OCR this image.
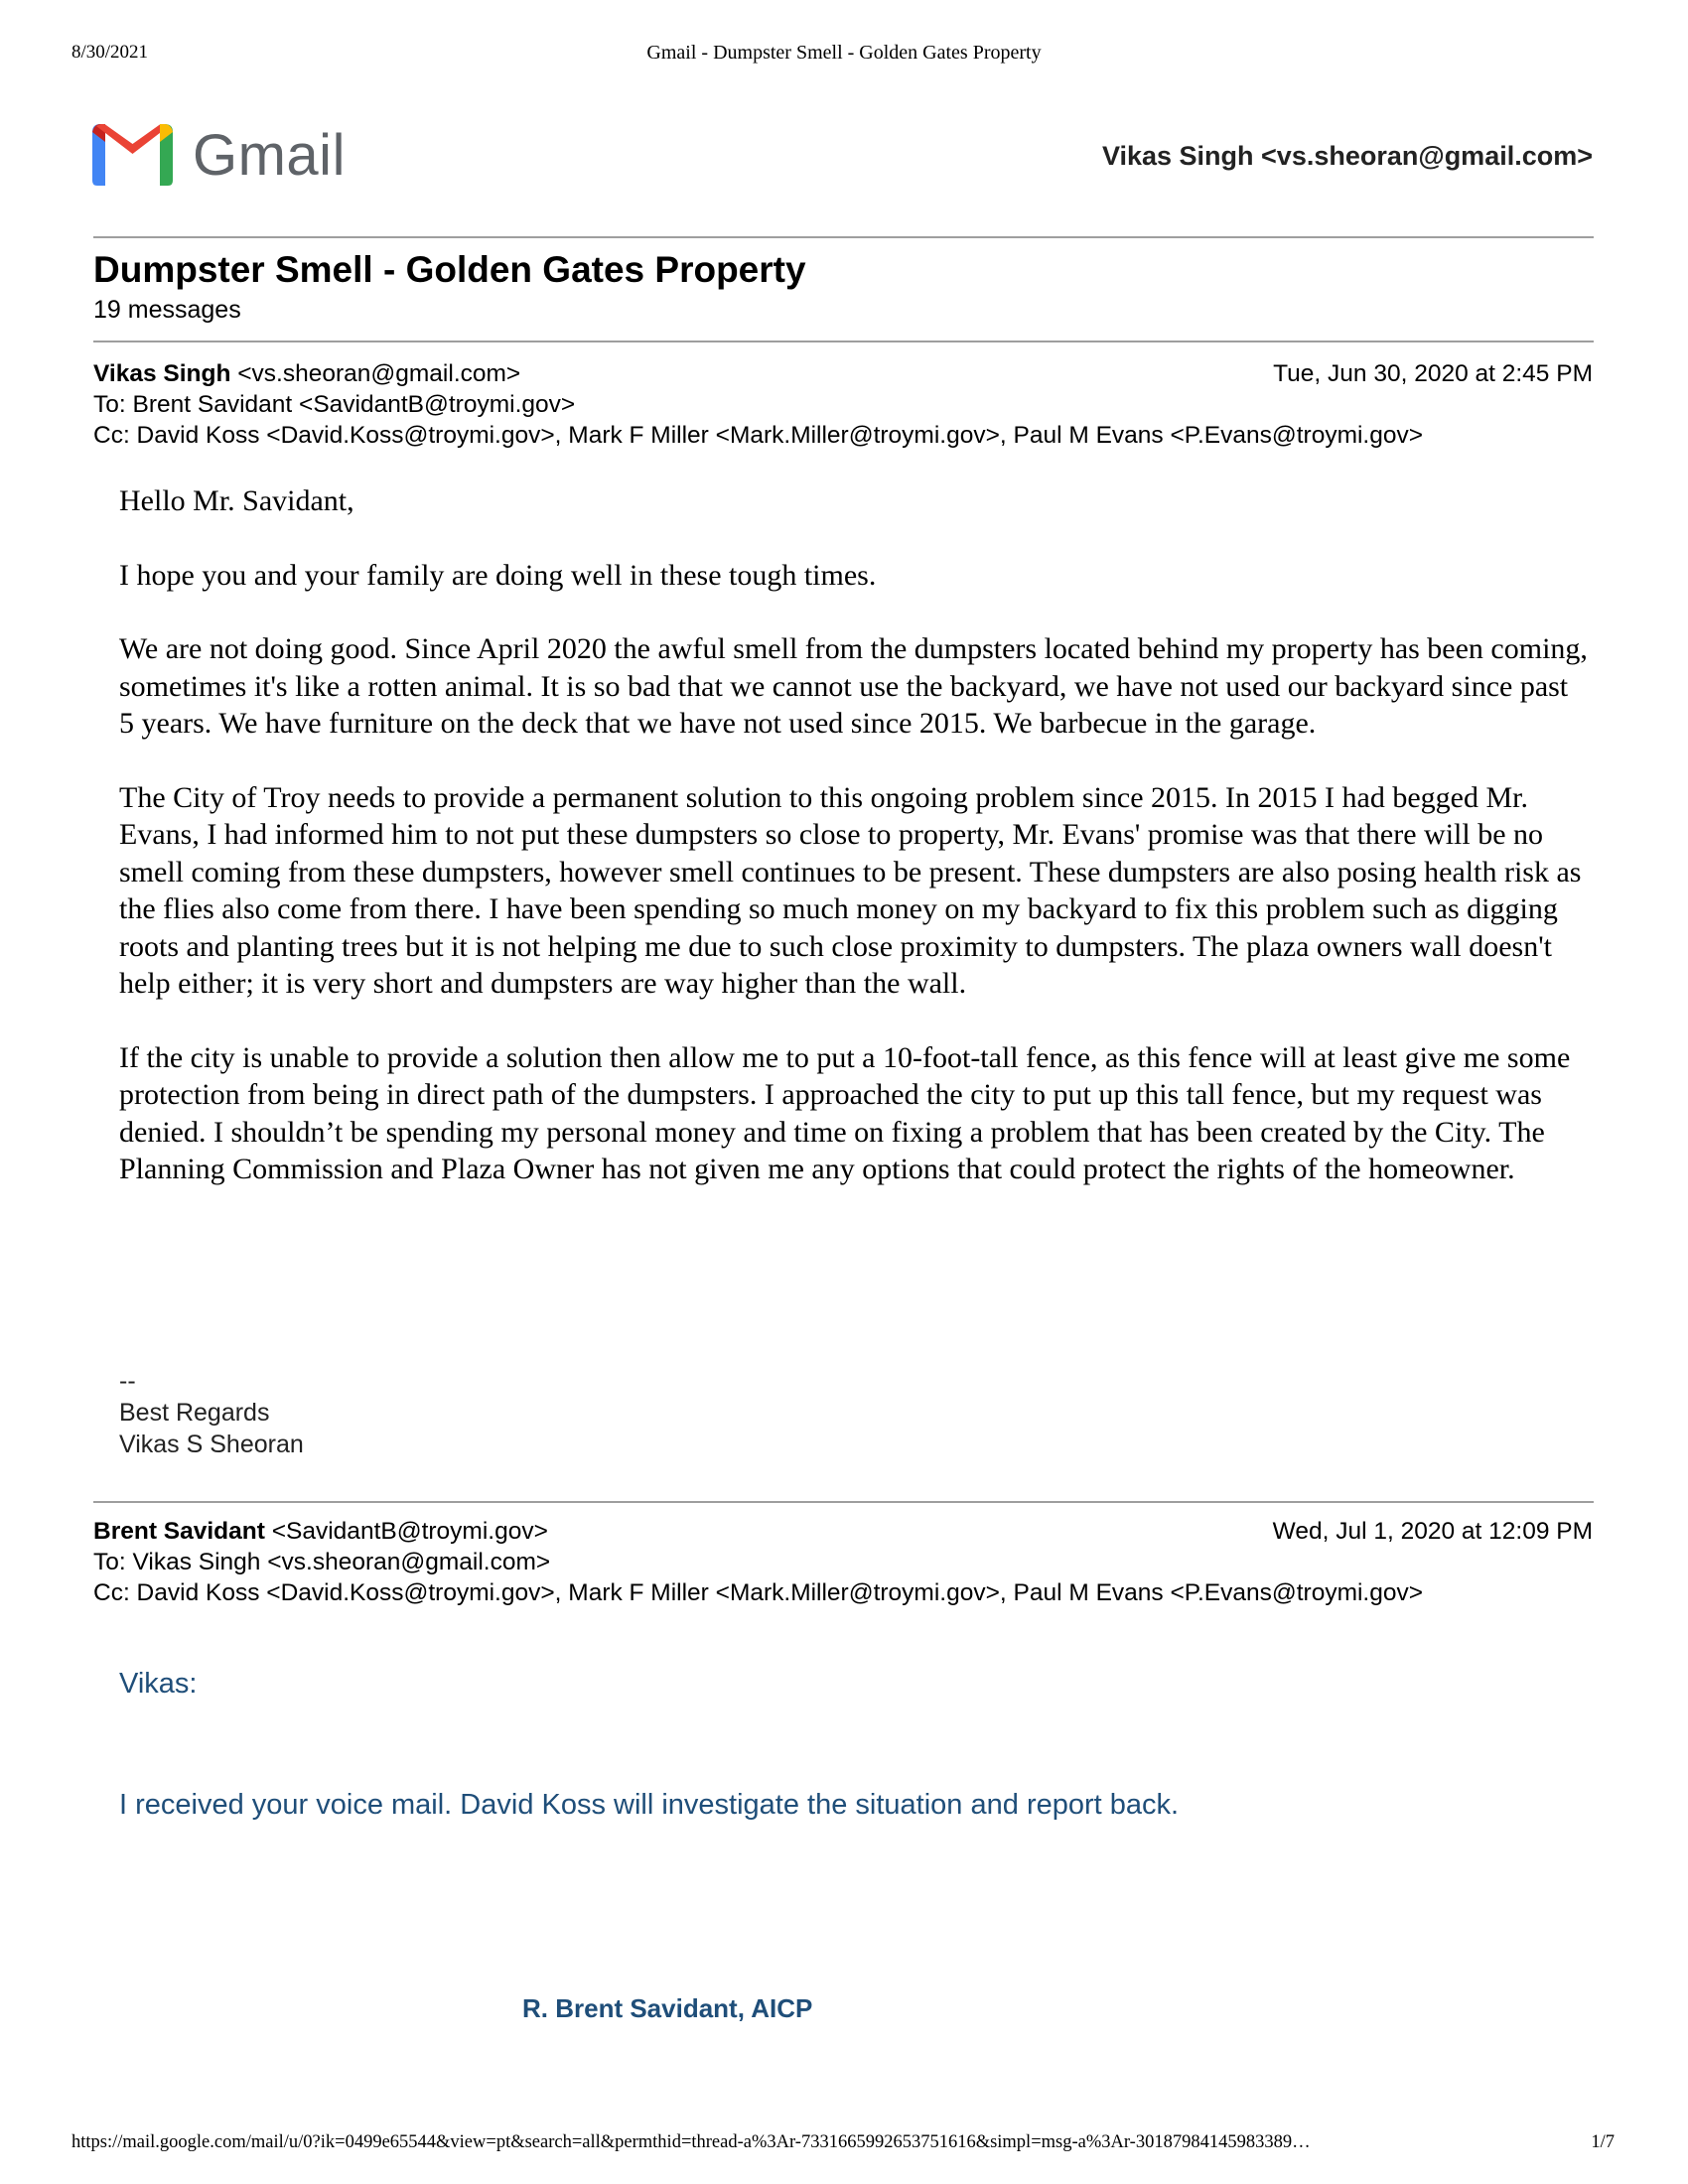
8/30/2021	Gmail - Dumpster Smell - Golden Gates Property
Gmail	Vikas Singh <vs.sheoran@gmail.com>
Dumpster Smell - Golden Gates Property
19 messages
Vikas Singh <vs.sheoran@gmail.com>	Tue, Jun 30, 2020 at 2:45 PM
To: Brent Savidant <SavidantB@troymi.gov>
Cc: David Koss <David.Koss@troymi.gov>, Mark F Miller <Mark.Miller@troymi.gov>, Paul M Evans <P.Evans@troymi.gov>

Hello Mr. Savidant,

I hope you and your family are doing well in these tough times.

We are not doing good. Since April 2020 the awful smell from the dumpsters located behind my property has been coming, sometimes it's like a rotten animal. It is so bad that we cannot use the backyard, we have not used our backyard since past 5 years. We have furniture on the deck that we have not used since 2015. We barbecue in the garage.

The City of Troy needs to provide a permanent solution to this ongoing problem since 2015. In 2015 I had begged Mr. Evans, I had informed him to not put these dumpsters so close to property, Mr. Evans' promise was that there will be no smell coming from these dumpsters, however smell continues to be present. These dumpsters are also posing health risk as the flies also come from there. I have been spending so much money on my backyard to fix this problem such as digging roots and planting trees but it is not helping me due to such close proximity to dumpsters. The plaza owners wall doesn't help either; it is very short and dumpsters are way higher than the wall.

If the city is unable to provide a solution then allow me to put a 10-foot-tall fence, as this fence will at least give me some protection from being in direct path of the dumpsters. I approached the city to put up this tall fence, but my request was denied. I shouldn’t be spending my personal money and time on fixing a problem that has been created by the City. The Planning Commission and Plaza Owner has not given me any options that could protect the rights of the homeowner.

--
Best Regards
Vikas S Sheoran
Brent Savidant <SavidantB@troymi.gov>	Wed, Jul 1, 2020 at 12:09 PM
To: Vikas Singh <vs.sheoran@gmail.com>
Cc: David Koss <David.Koss@troymi.gov>, Mark F Miller <Mark.Miller@troymi.gov>, Paul M Evans <P.Evans@troymi.gov>
Vikas:
I received your voice mail. David Koss will investigate the situation and report back.
R. Brent Savidant, AICP
https://mail.google.com/mail/u/0?ik=0499e65544&view=pt&search=all&permthid=thread-a%3Ar-7331665992653751616&simpl=msg-a%3Ar-30187984145983389…	1/7
